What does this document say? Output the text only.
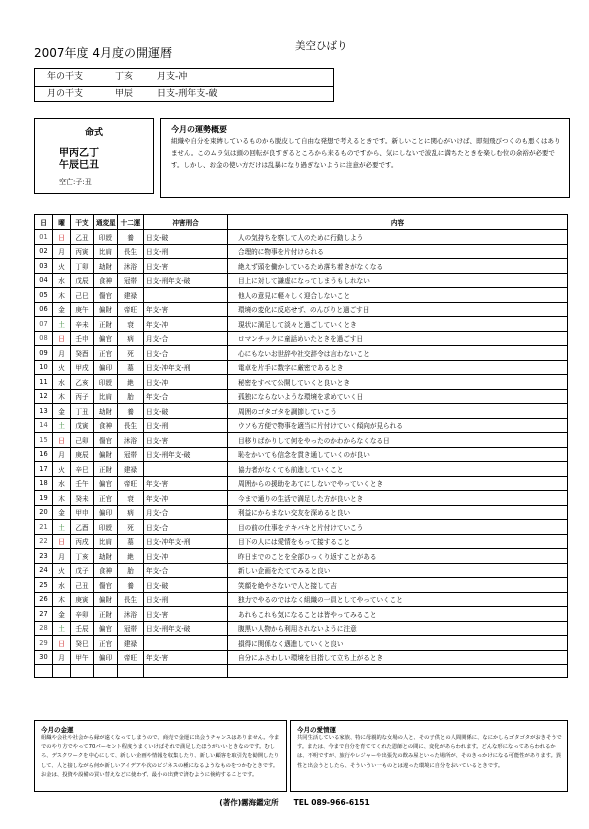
2007年度 4月度の開運暦	美空ひばり
年の干支	丁亥	月支-冲
月の干支	甲辰	日支-刑年支-破
命式
甲丙乙丁
午辰巳丑
空亡:子:丑
今月の運勢概要
組織や自分を束縛しているものから脱皮して自由な発想で考えるときです。新しいことに関心がいけば、即刻飛びつくのも悪くはありません。このムラ気は頭の回転が良すぎるところから来るものですから、気にしないで波乱に満ちたときを楽しむ位の余裕が必要です。しかし、お金の使い方だけは乱暴になり過ぎないように注意が必要です。
日	曜	干支	通変星	十二運	冲害刑合	内容
01	日	乙丑	印綬	養	日支-破	人の気持ちを察して人のために行動しよう
02	月	丙寅	比肩	長生	日支-刑	合理的に物事を片付けられる
03	火	丁卯	劫財	沐浴	日支-害	絶えず頭を働かしているため落ち着きがなくなる
04	水	戊辰	食神	冠帯	日支-刑年支-破	目上に対して謙虚になってしまうもしれない
05	木	己巳	傷官	建禄		他人の意見に軽々しく迎合しないこと
06	金	庚午	偏財	帝旺	年支-害	環境の変化に反応せず、のんびりと過ごす日
07	土	辛未	正財	衰	年支-冲	現状に満足して淡々と過ごしていくとき
08	日	壬申	偏官	病	月支-合	ロマンチックに童話めいたときを過ごす日
09	月	癸酉	正官	死	日支-合	心にもないお世辞や社交辞令は言わないこと
10	火	甲戌	偏印	墓	日支-冲年支-刑	電卓を片手に数字に厳密であるとき
11	水	乙亥	印綬	絶	日支-冲	秘密をすべて公開していくと良いとき
12	木	丙子	比肩	胎	年支-合	孤独にならないような環境を求めていく日
13	金	丁丑	劫財	養	日支-破	周囲のゴタゴタを調節していこう
14	土	戊寅	食神	長生	日支-刑	ウソも方便で物事を適当に片付けていく傾向が見られる
15	日	己卯	傷官	沐浴	日支-害	目移りばかりして何をやったのかわからなくなる日
16	月	庚辰	偏財	冠帯	日支-刑年支-破	恥をかいても信念を貫き通していくのが良い
17	火	辛巳	正財	建禄		協力者がなくても前進していくこと
18	水	壬午	偏官	帝旺	年支-害	周囲からの援助をあてにしないでやっていくとき
19	木	癸未	正官	衰	年支-冲	今まで通りの生活で満足した方が良いとき
20	金	甲申	偏印	病	月支-合	利益にからまない交友を深めると良い
21	土	乙酉	印綬	死	日支-合	目の前の仕事をテキパキと片付けていこう
22	日	丙戌	比肩	墓	日支-冲年支-刑	目下の人には愛情をもって接すること
23	月	丁亥	劫財	絶	日支-冲	昨日までのことを全部ひっくり返すことがある
24	火	戊子	食神	胎	年支-合	新しい企画をたててみると良い
25	水	己丑	傷官	養	日支-破	笑顔を絶やさないで人と接して吉
26	木	庚寅	偏財	長生	日支-刑	独力でやるのではなく組織の一員としてやっていくこと
27	金	辛卯	正財	沐浴	日支-害	あれもこれも気になることは皆やってみること
28	土	壬辰	偏官	冠帯	日支-刑年支-破	腹黒い人物から利用されないように注意
29	日	癸巳	正官	建禄		損得に関係なく邁進していくと良い
30	月	甲午	偏印	帝旺	年支-害	自分にふさわしい環境を目指して立ち上がるとき

今月の金運
組織や会社や社会から縁が遠くなってしまうので、商売で金運に出会うチャンスはありません。今までのやり方でやって70パーセント程度うまくいけばそれで満足したほうがいいときなのです。むしろ、デスクワークを中心にして、新しい企画や情報を収集したり、新しい顧客を取引先を勧開したりして、人と接しながら何か新しいアイデアや次のビジネスの種になるようなものをつかむときです。お金は、投資や設備の買い替えなどに使わず、最小の出費で済むように倹約することです。
今月の愛情運
共同生活している家族、特に母親的な女場の人と、その子供との人間関係に、なにかしらゴタゴタがおきそうです。または、今まで自分を育ててくれた恩師との間に、変化があらわれます。どんな形になってあらわれるかは、不明ですが、旅行やレジャーや出張先の飲み屋といった場所が、そのきっかけになる可能性があります。異性と出会うとしたら、そういうい一ものとは違った環境に自分をおいているときです。
(著作)霧海鑑定所　　TEL 089-966-6151
